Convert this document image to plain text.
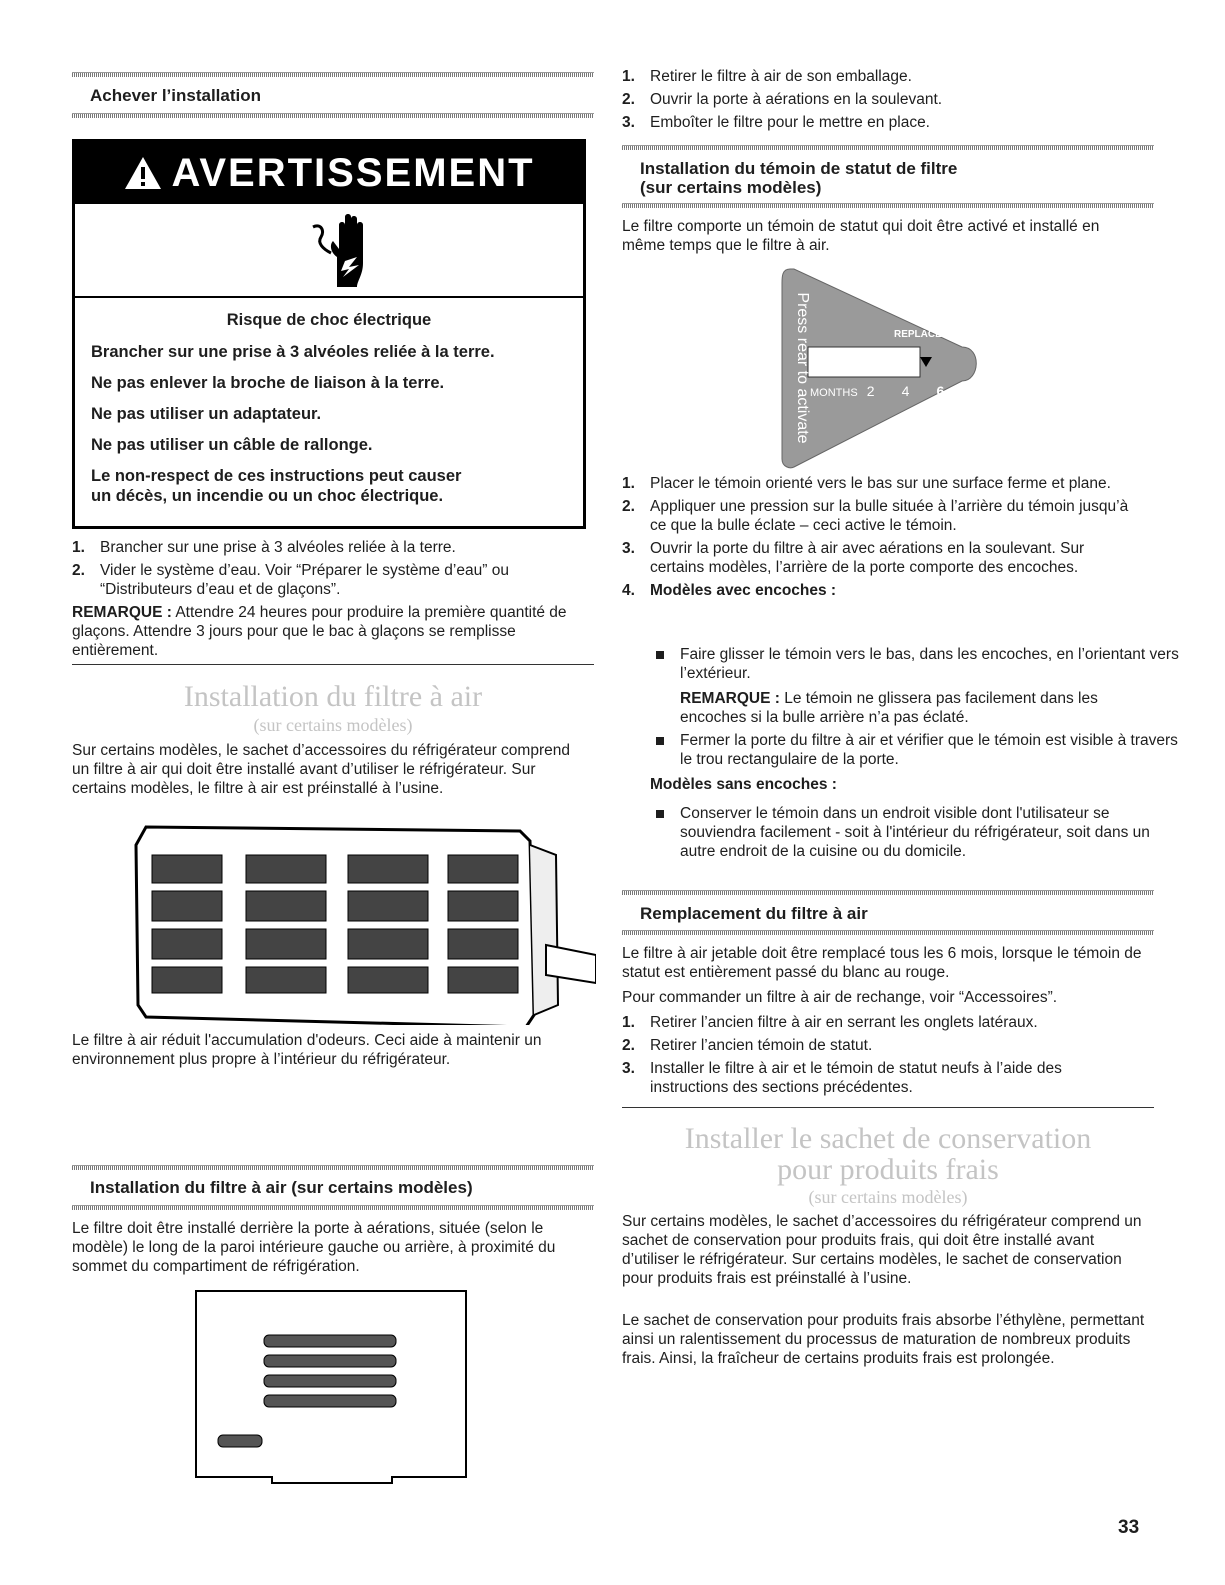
Achever l’installation
AVERTISSEMENT
Risque de choc électrique
Brancher sur une prise à 3 alvéoles reliée à la terre.
Ne pas enlever la broche de liaison à la terre.
Ne pas utiliser un adaptateur.
Ne pas utiliser un câble de rallonge.
Le non-respect de ces instructions peut causer
un décès, un incendie ou un choc électrique.
1. Brancher sur une prise à 3 alvéoles reliée à la terre.
2. Vider le système d’eau. Voir “Préparer le système d’eau” ou “Distributeurs d’eau et de glaçons”.

REMARQUE : Attendre 24 heures pour produire la première quantité de glaçons. Attendre 3 jours pour que le bac à glaçons se remplisse entièrement.

Installation du filtre à air
(sur certains modèles)

Sur certains modèles, le sachet d’accessoires du réfrigérateur comprend un filtre à air qui doit être installé avant d’utiliser le réfrigérateur. Sur certains modèles, le filtre à air est préinstallé à l’usine.

Le filtre à air réduit l'accumulation d'odeurs. Ceci aide à maintenir un environnement plus propre à l’intérieur du réfrigérateur.

Installation du filtre à air (sur certains modèles)

Le filtre doit être installé derrière la porte à aérations, située (selon le modèle) le long de la paroi intérieure gauche ou arrière, à proximité du sommet du compartiment de réfrigération.

1. Retirer le filtre à air de son emballage.
2. Ouvrir la porte à aérations en la soulevant.
3. Emboîter le filtre pour le mettre en place.
Installation du témoin de statut de filtre
(sur certains modèles)

Le filtre comporte un témoin de statut qui doit être activé et installé en même temps que le filtre à air.

Press rear to activate	REPLACE
MONTHS 2 4 6
1. Placer le témoin orienté vers le bas sur une surface ferme et plane.
2. Appliquer une pression sur la bulle située à l’arrière du témoin jusqu’à ce que la bulle éclate – ceci active le témoin.
3. Ouvrir la porte du filtre à air avec aérations en la soulevant. Sur certains modèles, l’arrière de la porte comporte des encoches.
4. Modèles avec encoches :
Faire glisser le témoin vers le bas, dans les encoches, en l’orientant vers l’extérieur.

REMARQUE : Le témoin ne glissera pas facilement dans les encoches si la bulle arrière n’a pas éclaté.

Fermer la porte du filtre à air et vérifier que le témoin est visible à travers le trou rectangulaire de la porte.
Modèles sans encoches :
Conserver le témoin dans un endroit visible dont l'utilisateur se souviendra facilement - soit à l'intérieur du réfrigérateur, soit dans un autre endroit de la cuisine ou du domicile.
Remplacement du filtre à air

Le filtre à air jetable doit être remplacé tous les 6 mois, lorsque le témoin de statut est entièrement passé du blanc au rouge.

Pour commander un filtre à air de rechange, voir “Accessoires”.

1. Retirer l’ancien filtre à air en serrant les onglets latéraux.
2. Retirer l’ancien témoin de statut.
3. Installer le filtre à air et le témoin de statut neufs à l’aide des instructions des sections précédentes.
Installer le sachet de conservation
pour produits frais
(sur certains modèles)

Sur certains modèles, le sachet d’accessoires du réfrigérateur comprend un sachet de conservation pour produits frais, qui doit être installé avant d’utiliser le réfrigérateur. Sur certains modèles, le sachet de conservation pour produits frais est préinstallé à l’usine.

Le sachet de conservation pour produits frais absorbe l’éthylène, permettant ainsi un ralentissement du processus de maturation de nombreux produits frais. Ainsi, la fraîcheur de certains produits frais est prolongée.

33
